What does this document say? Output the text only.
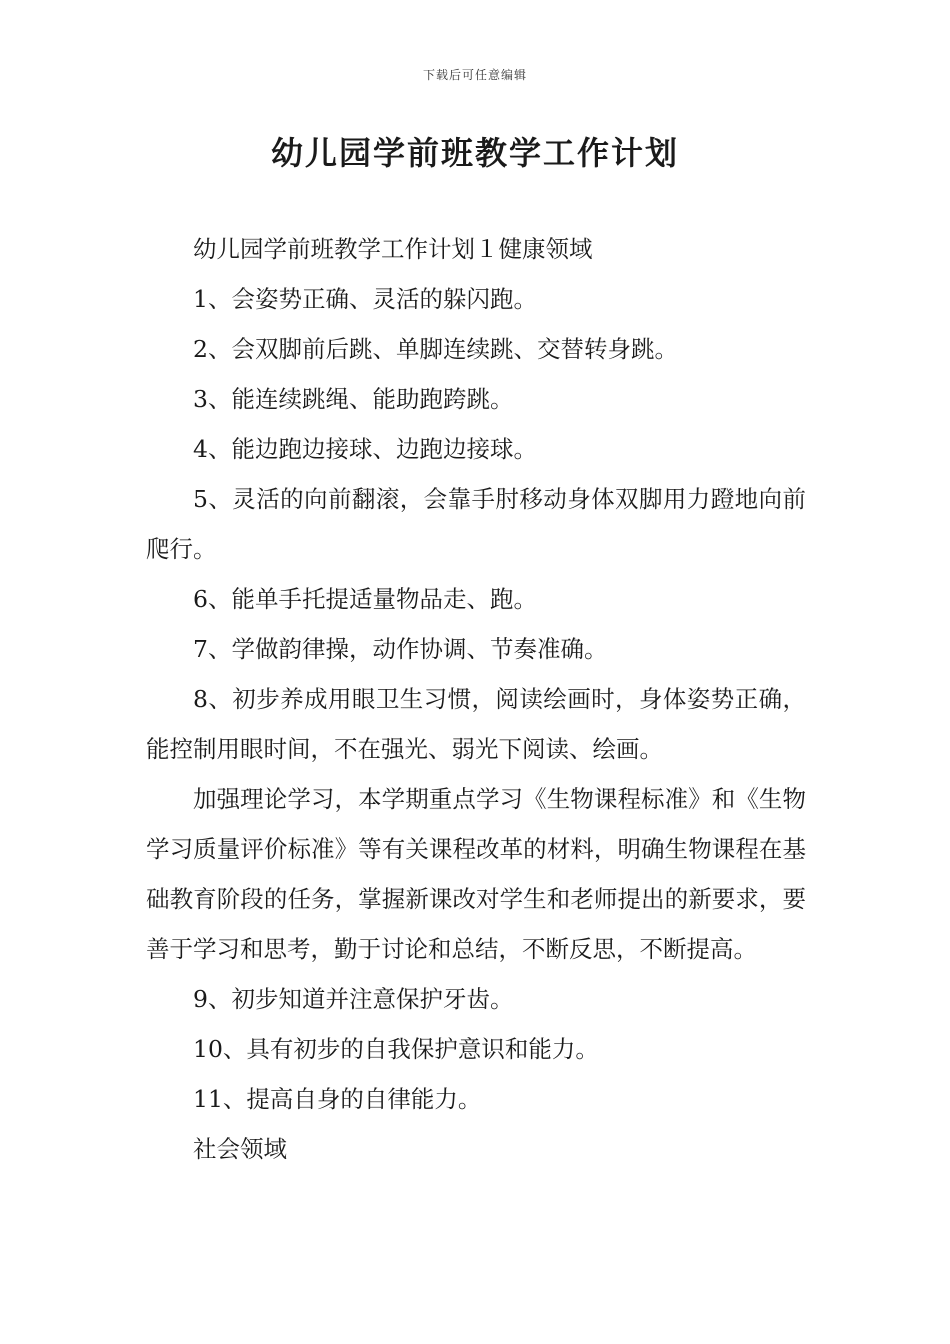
下载后可任意编辑
幼儿园学前班教学工作计划

幼儿园学前班教学工作计划１健康领域

1、会姿势正确、灵活的躲闪跑。

2、会双脚前后跳、单脚连续跳、交替转身跳。

3、能连续跳绳、能助跑跨跳。

4、能边跑边接球、边跑边接球。

5、灵活的向前翻滚，会靠手肘移动身体双脚用力蹬地向前爬行。

6、能单手托提适量物品走、跑。

7、学做韵律操，动作协调、节奏准确。

8、初步养成用眼卫生习惯，阅读绘画时，身体姿势正确，能控制用眼时间，不在强光、弱光下阅读、绘画。

加强理论学习，本学期重点学习《生物课程标准》和《生物学习质量评价标准》等有关课程改革的材料，明确生物课程在基础教育阶段的任务，掌握新课改对学生和老师提出的新要求，要善于学习和思考，勤于讨论和总结，不断反思，不断提高。

9、初步知道并注意保护牙齿。

10、具有初步的自我保护意识和能力。

11、提高自身的自律能力。

社会领域
